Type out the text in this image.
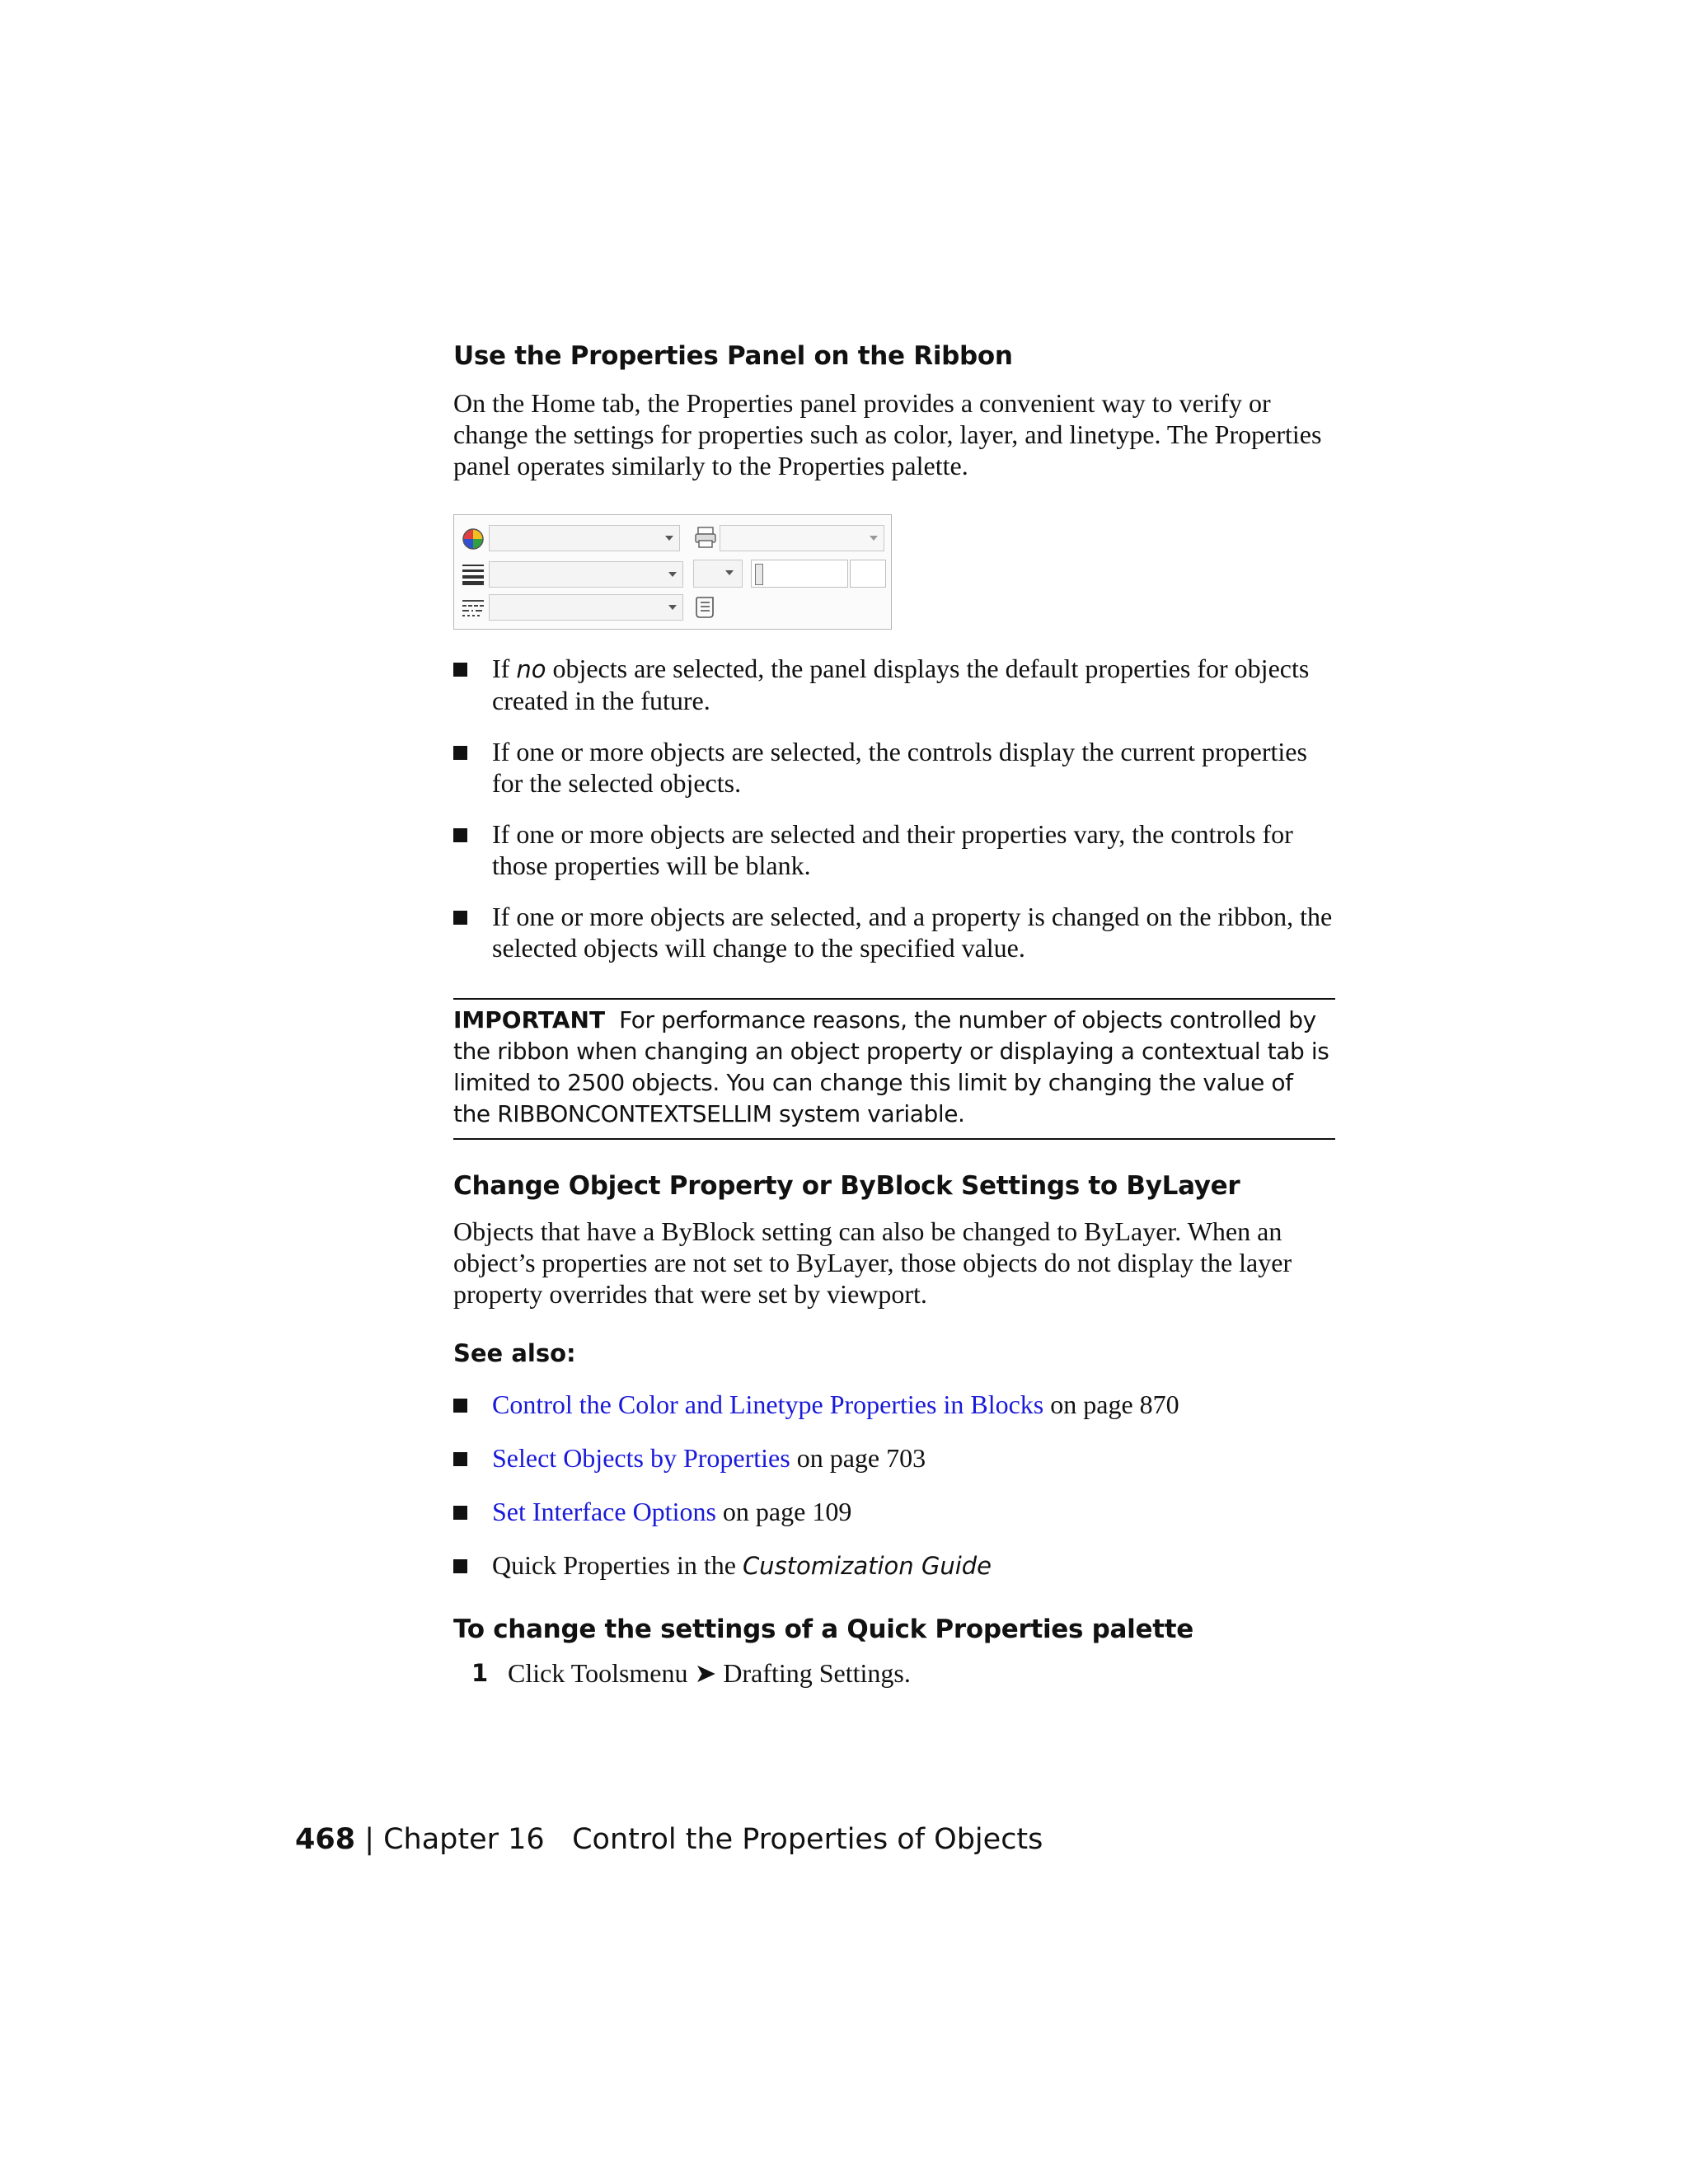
Use the Properties Panel on the Ribbon

On the Home tab, the Properties panel provides a convenient way to verify or change the settings for properties such as color, layer, and linetype. The Properties panel operates similarly to the Properties palette.

If no objects are selected, the panel displays the default properties for objects created in the future.
If one or more objects are selected, the controls display the current properties for the selected objects.
If one or more objects are selected and their properties vary, the controls for those properties will be blank.
If one or more objects are selected, and a property is changed on the ribbon, the selected objects will change to the specified value.
IMPORTANT For performance reasons, the number of objects controlled by the ribbon when changing an object property or displaying a contextual tab is limited to 2500 objects. You can change this limit by changing the value of the RIBBONCONTEXTSELLIM system variable.
Change Object Property or ByBlock Settings to ByLayer

Objects that have a ByBlock setting can also be changed to ByLayer. When an object’s properties are not set to ByLayer, those objects do not display the layer property overrides that were set by viewport.

See also:

Control the Color and Linetype Properties in Blocks on page 870
Select Objects by Properties on page 703
Set Interface Options on page 109
Quick Properties in the Customization Guide
To change the settings of a Quick Properties palette
1 Click Toolsmenu ➤ Drafting Settings.
468 | Chapter 16 Control the Properties of Objects
